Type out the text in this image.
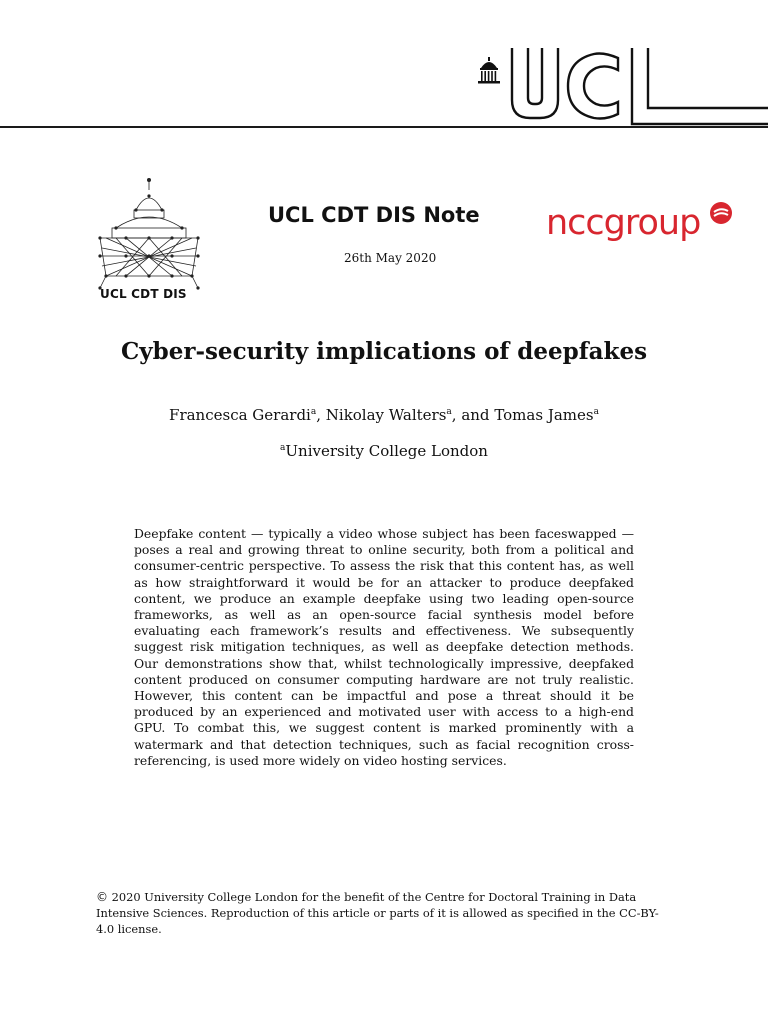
UCL
UCL CDT DIS
UCL CDT DIS Note
26th May 2020
nccgroup
Cyber-security implications of deepfakes
Francesca Gerardi$^a$, Nikolay Walters$^a$, and Tomas James$^a$
$^a$University College London
Deepfake content — typically a video whose subject has been faceswapped — poses a real and growing threat to online security, both from a political and consumer-centric perspective. To assess the risk that this content has, as well as how straightforward it would be for an attacker to produce deepfaked content, we produce an example deepfake using two leading open-source frameworks, as well as an open-source facial synthesis model before evaluating each framework’s results and effectiveness. We subsequently suggest risk mitigation techniques, as well as deepfake detection methods. Our demonstrations show that, whilst technologically impressive, deepfaked content produced on consumer computing hardware are not truly realistic. However, this content can be impactful and pose a threat should it be produced by an experienced and motivated user with access to a high-end GPU. To combat this, we suggest content is marked prominently with a watermark and that detection techniques, such as facial recognition cross-referencing, is used more widely on video hosting services.
© 2020 University College London for the benefit of the Centre for Doctoral Training in Data Intensive Sciences. Reproduction of this article or parts of it is allowed as specified in the CC-BY-4.0 license.
